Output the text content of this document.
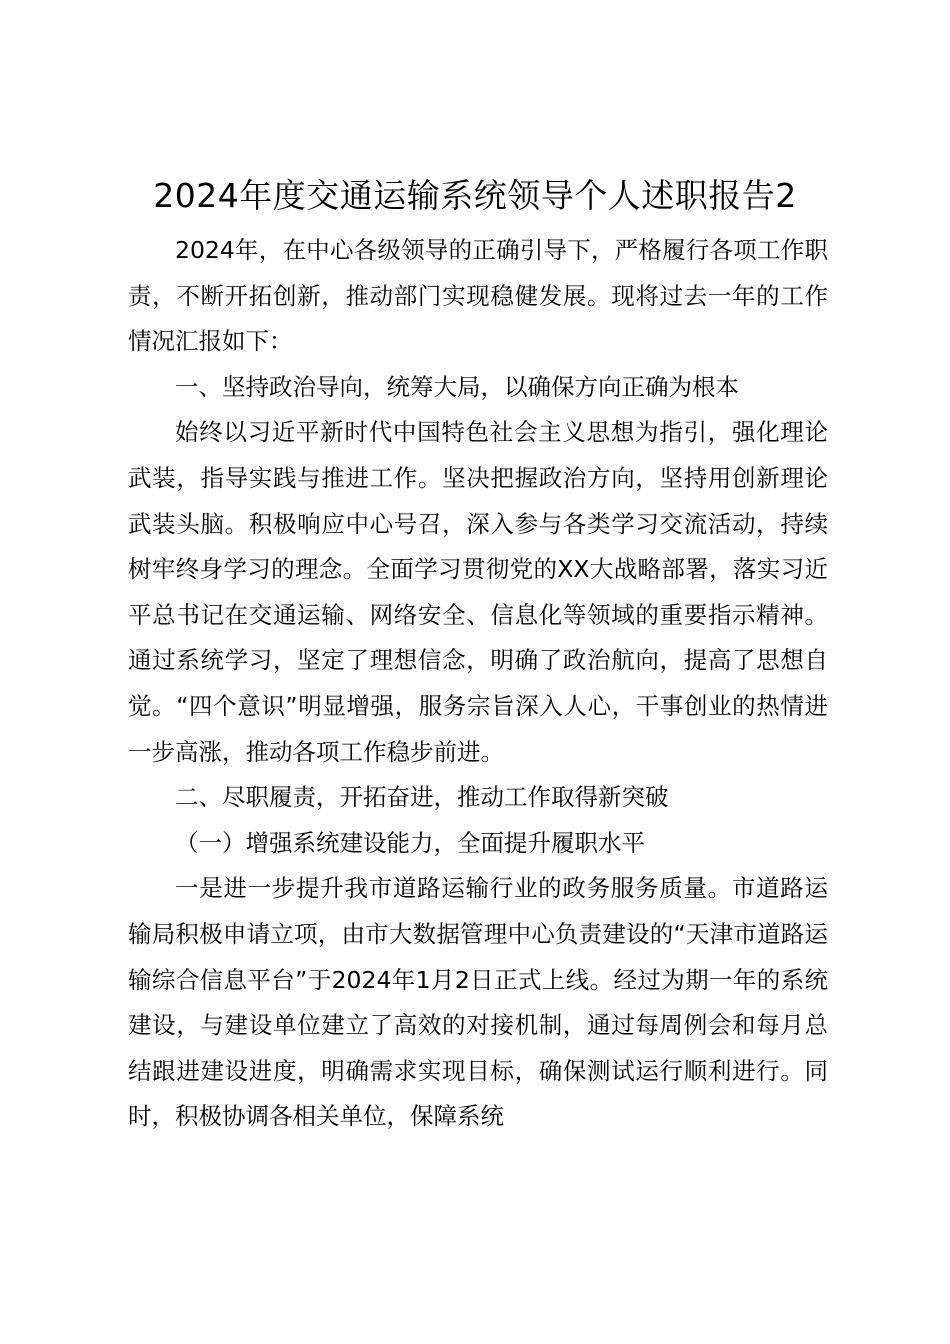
2024年度交通运输系统领导个人述职报告2

2024年，在中心各级领导的正确引导下，严格履行各项工作职责，不断开拓创新，推动部门实现稳健发展。现将过去一年的工作情况汇报如下：

一、坚持政治导向，统筹大局，以确保方向正确为根本

始终以习近平新时代中国特色社会主义思想为指引，强化理论武装，指导实践与推进工作。坚决把握政治方向，坚持用创新理论武装头脑。积极响应中心号召，深入参与各类学习交流活动，持续树牢终身学习的理念。全面学习贯彻党的XX大战略部署，落实习近平总书记在交通运输、网络安全、信息化等领域的重要指示精神。通过系统学习，坚定了理想信念，明确了政治航向，提高了思想自觉。“四个意识”明显增强，服务宗旨深入人心，干事创业的热情进一步高涨，推动各项工作稳步前进。

二、尽职履责，开拓奋进，推动工作取得新突破

（一）增强系统建设能力，全面提升履职水平

一是进一步提升我市道路运输行业的政务服务质量。市道路运输局积极申请立项，由市大数据管理中心负责建设的“天津市道路运输综合信息平台”于2024年1月2日正式上线。经过为期一年的系统建设，与建设单位建立了高效的对接机制，通过每周例会和每月总结跟进建设进度，明确需求实现目标，确保测试运行顺利进行。同时，积极协调各相关单位，保障系统
